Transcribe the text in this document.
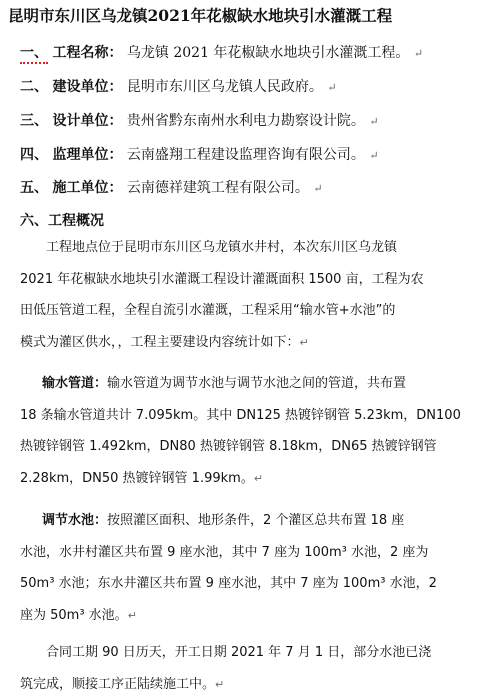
昆明市东川区乌龙镇2021年花椒缺水地块引水灌溉工程
一、 工程名称： 乌龙镇 2021 年花椒缺水地块引水灌溉工程。 ↵
二、 建设单位： 昆明市东川区乌龙镇人民政府。 ↵
三、 设计单位： 贵州省黔东南州水利电力勘察设计院。 ↵
四、 监理单位： 云南盛翔工程建设监理咨询有限公司。 ↵
五、 施工单位： 云南德祥建筑工程有限公司。 ↵
六、工程概况
工程地点位于昆明市东川区乌龙镇水井村，本次东川区乌龙镇
2021 年花椒缺水地块引水灌溉工程设计灌溉面积 1500 亩，工程为农
田低压管道工程，全程自流引水灌溉，工程采用“输水管+水池”的
模式为灌区供水，，工程主要建设内容统计如下：↵
输水管道：输水管道为调节水池与调节水池之间的管道，共布置
18 条输水管道共计 7.095km。其中 DN125 热镀锌钢管 5.23km，DN100
热镀锌钢管 1.492km，DN80 热镀锌钢管 8.18km，DN65 热镀锌钢管
2.28km，DN50 热镀锌钢管 1.99km。↵
调节水池：按照灌区面积、地形条件，2 个灌区总共布置 18 座
水池，水井村灌区共布置 9 座水池，其中 7 座为 100m³ 水池，2 座为
50m³ 水池；东水井灌区共布置 9 座水池，其中 7 座为 100m³ 水池，2
座为 50m³ 水池。↵
合同工期 90 日历天，开工日期 2021 年 7 月 1 日，部分水池已浇
筑完成，顺接工序正陆续施工中。↵
